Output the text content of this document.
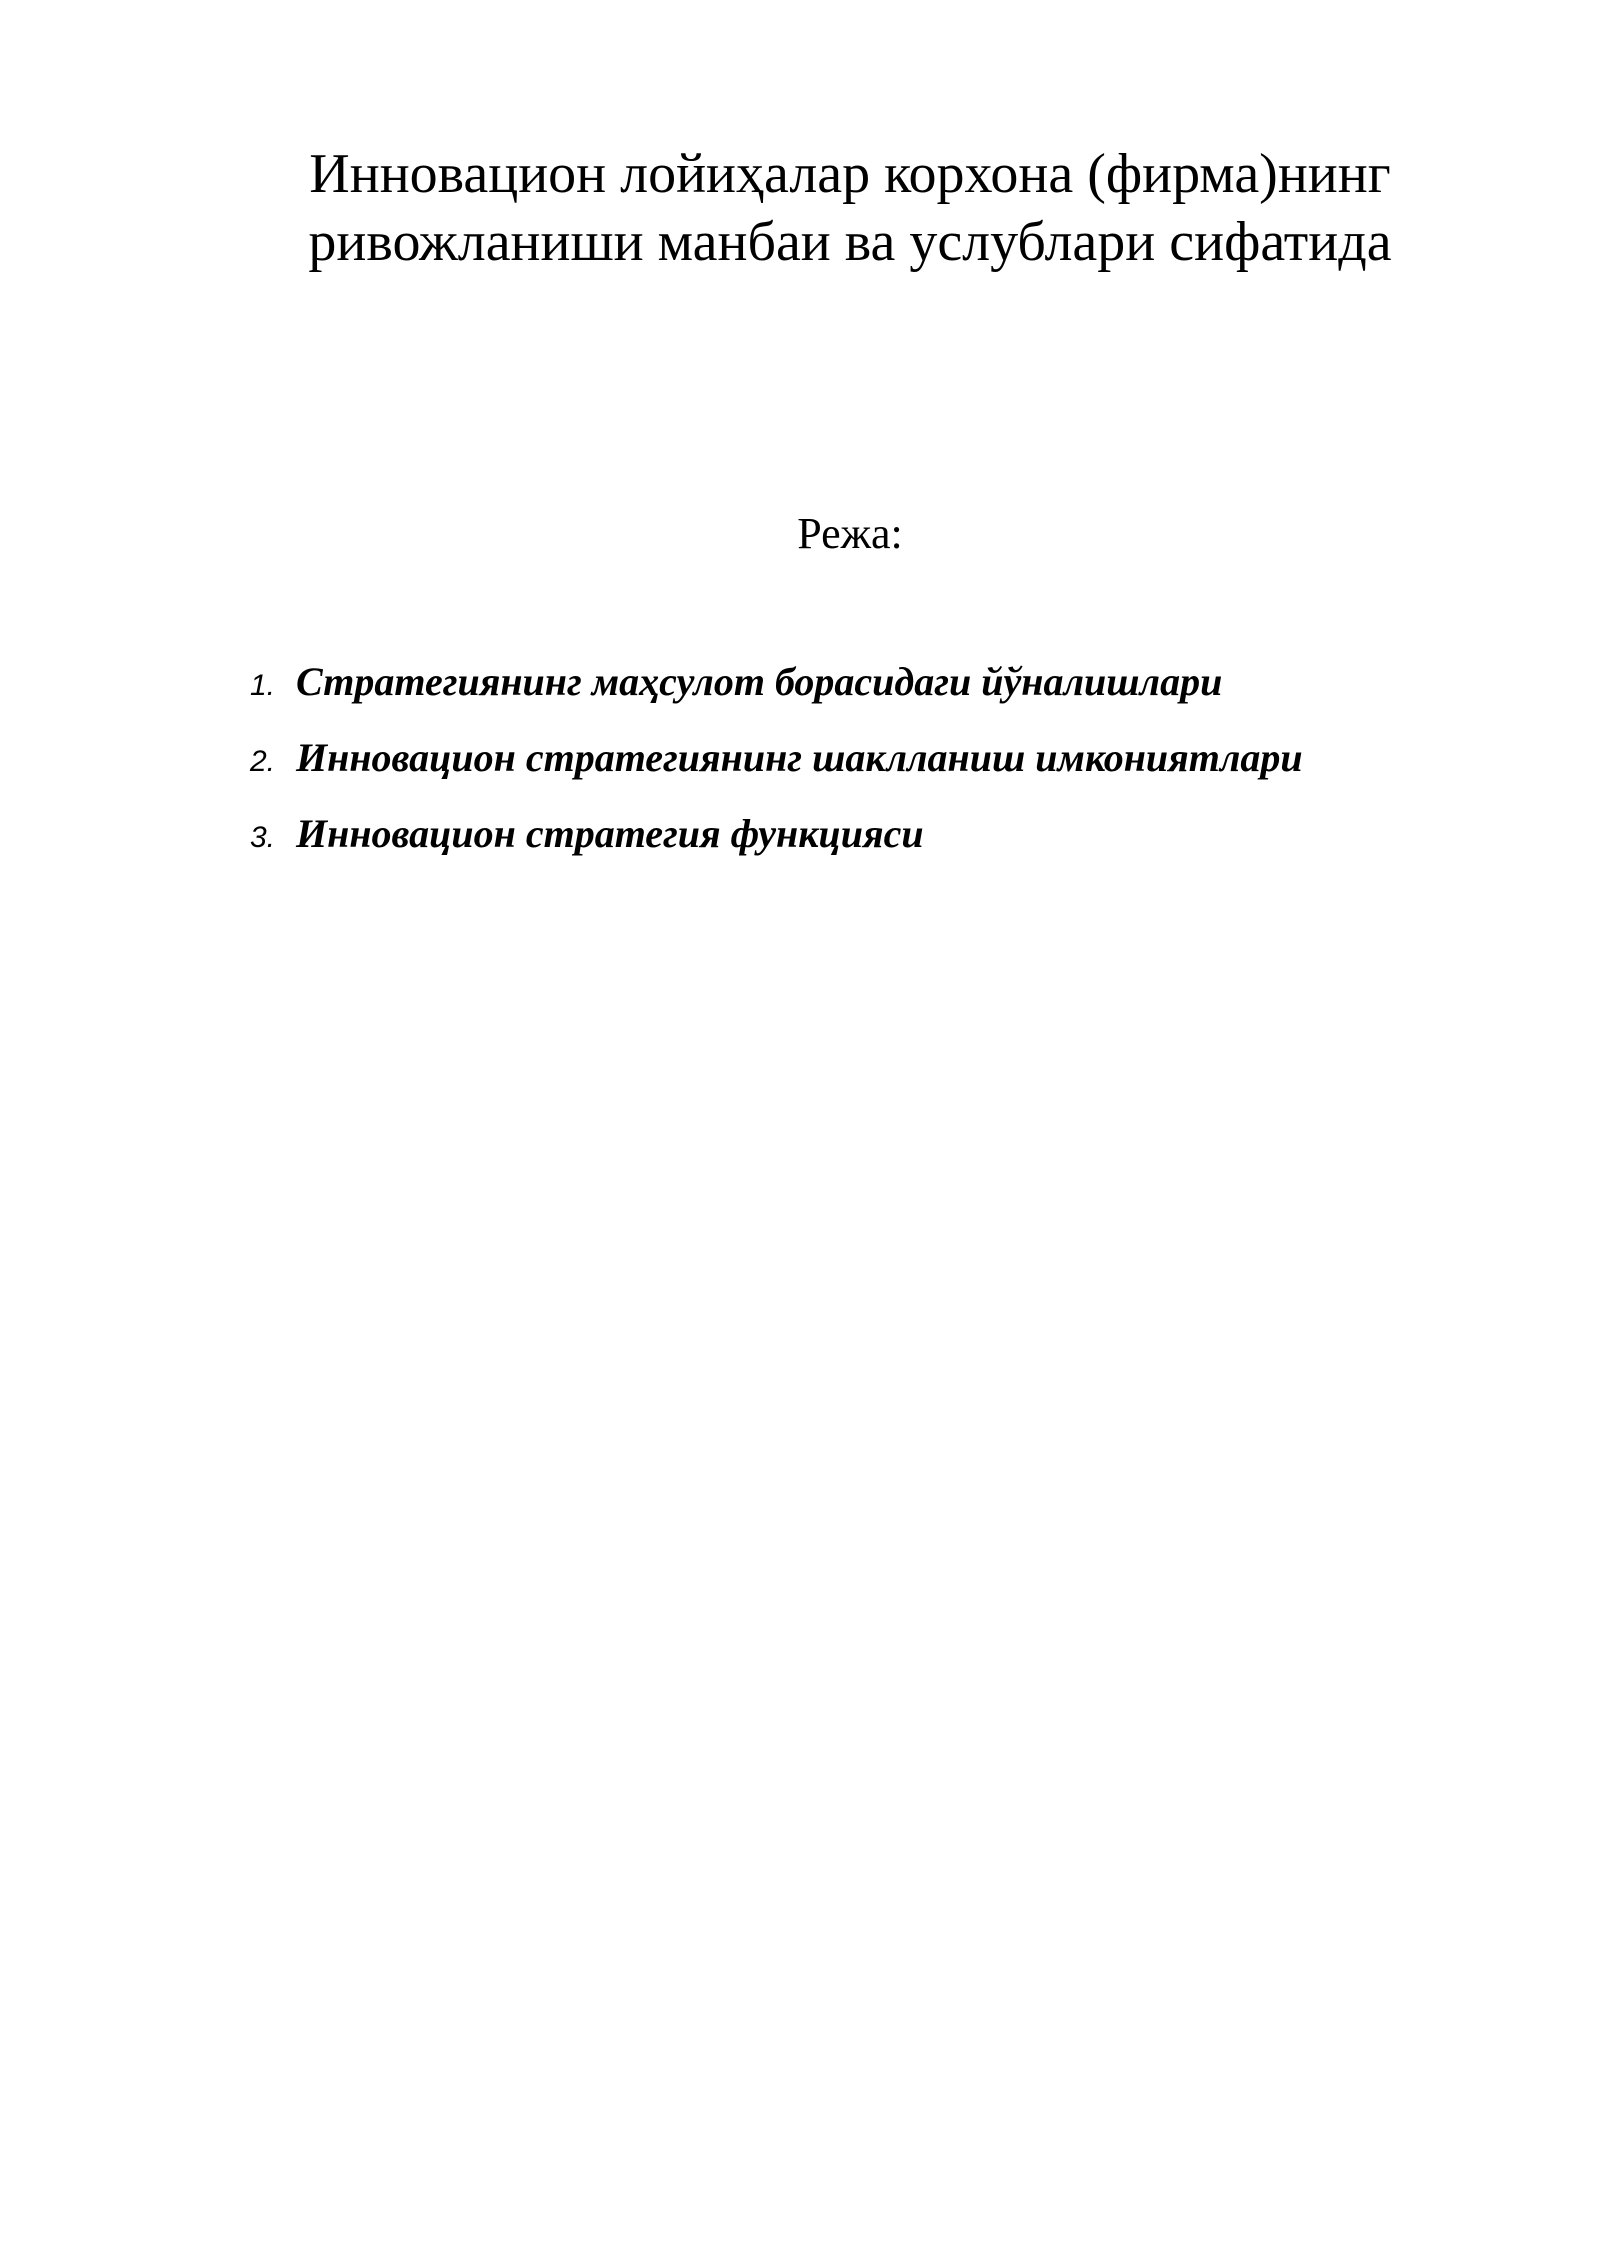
Инновацион лойиҳалар корхона (фирма)нинг
ривожланиши манбаи ва услублари сифатида
Режа:
1. Стратегиянинг маҳсулот борасидаги йўналишлари
2. Инновацион стратегиянинг шаклланиш имкониятлари
3. Инновацион стратегия функцияси
